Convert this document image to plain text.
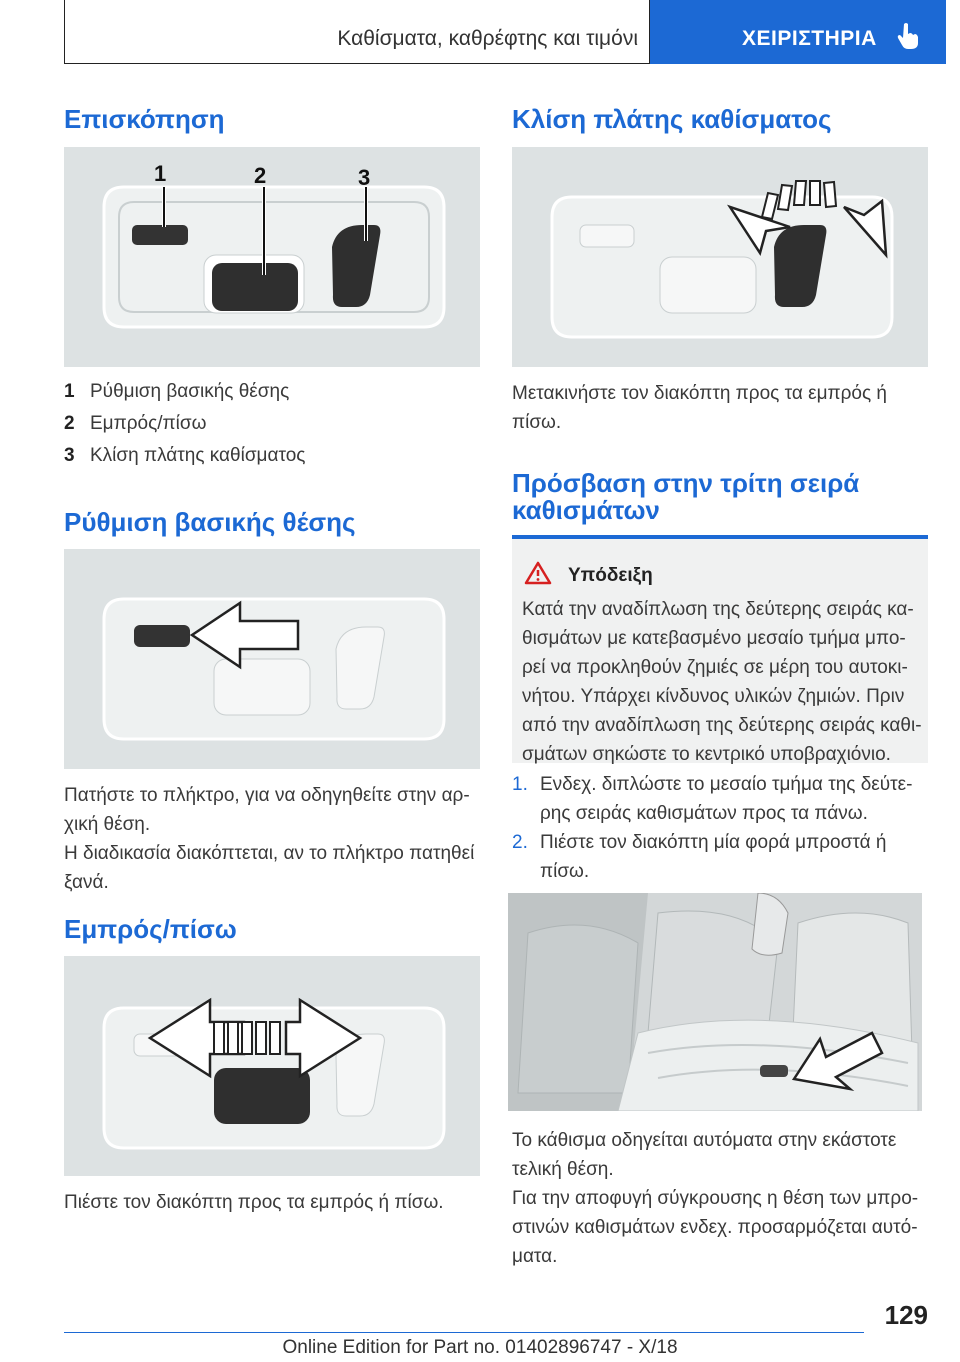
Καθίσματα, καθρέφτης και τιμόνι	ΧΕΙΡΙΣΤΗΡΙΑ
Επισκόπηση
1	2	3
1 Ρύθμιση βασικής θέσης
2 Εμπρός/πίσω
3 Κλίση πλάτης καθίσματος
Ρύθμιση βασικής θέσης
Πατήστε το πλήκτρο, για να οδηγηθείτε στην αρ-χική θέση.
Η διαδικασία διακόπτεται, αν το πλήκτρο πατηθεί ξανά.
Εμπρός/πίσω
Πιέστε τον διακόπτη προς τα εμπρός ή πίσω.
Κλίση πλάτης καθίσματος
Μετακινήστε τον διακόπτη προς τα εμπρός ή πίσω.
Πρόσβαση στην τρίτη σειρά
καθισμάτων
Υπόδειξη
Κατά την αναδίπλωση της δεύτερης σειράς κα-θισμάτων με κατεβασμένο μεσαίο τμήμα μπο-ρεί να προκληθούν ζημιές σε μέρη του αυτοκι-νήτου. Υπάρχει κίνδυνος υλικών ζημιών. Πριν από την αναδίπλωση της δεύτερης σειράς καθι-σμάτων σηκώστε το κεντρικό υποβραχιόνιο.
1. Ενδεχ. διπλώστε το μεσαίο τμήμα της δεύτε-ρης σειράς καθισμάτων προς τα πάνω.
2. Πιέστε τον διακόπτη μία φορά μπροστά ή πίσω.
Το κάθισμα οδηγείται αυτόματα στην εκάστοτε τελική θέση.
Για την αποφυγή σύγκρουσης η θέση των μπρο-στινών καθισμάτων ενδεχ. προσαρμόζεται αυτό-ματα.
129
Online Edition for Part no. 01402896747 - X/18
